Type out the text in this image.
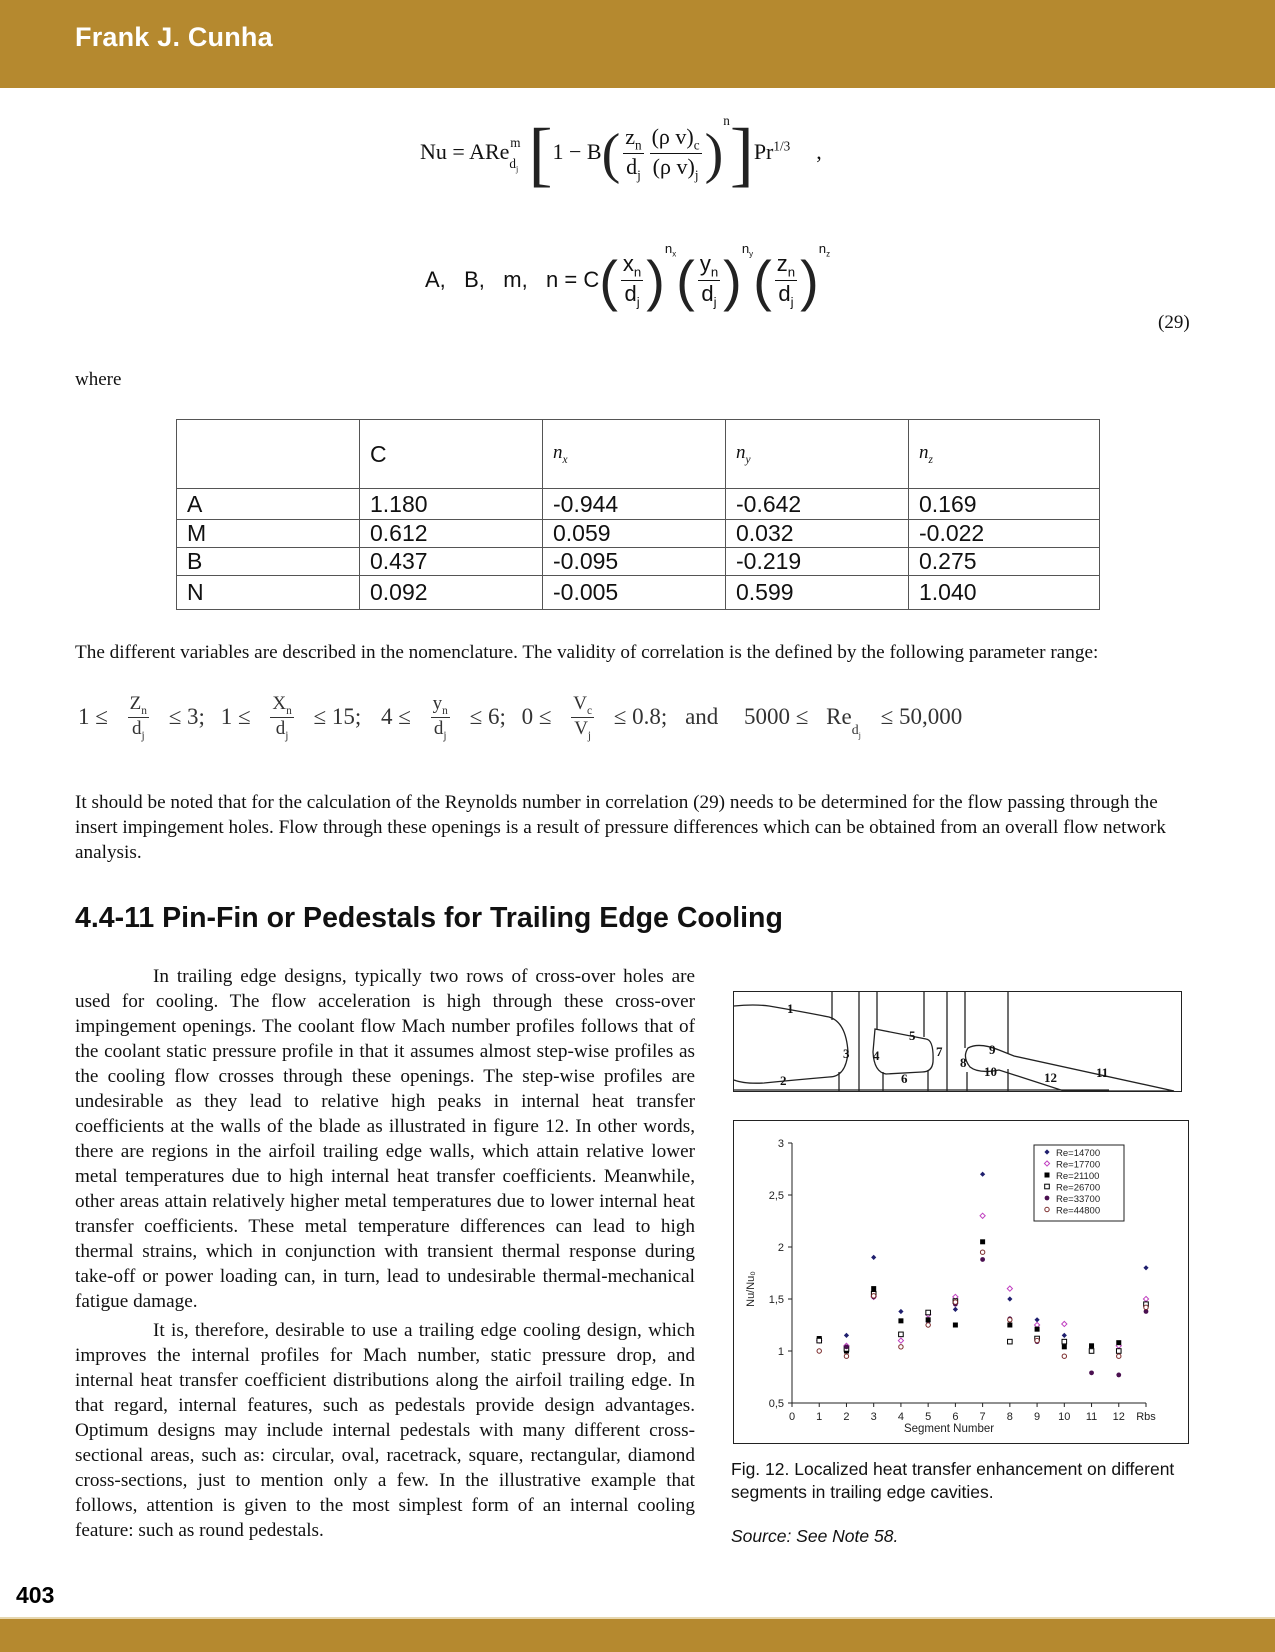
Frank J. Cunha
Nu = ARe$_{d_j}^m$ $[1 - B( \frac{z_n}{d_j} \frac{(\rho v)_c}{(\rho v)_j} )^n]Pr^{1/3}$ ,
A,   B,   m,   $n = C( \frac{x_n}{d_j} )^{n_x}( \frac{y_n}{d_j} )^{n_y}( \frac{z_n}{d_j} )^{n_z}$
(29)
where
	C	$n_x$	$n_y$	$n_z$
A	1.180	-0.944	-0.642	0.169
M	0.612	0.059	0.032	-0.022
B	0.437	-0.095	-0.219	0.275
N	0.092	-0.005	0.599	1.040
The different variables are described in the nomenclature. The validity of correlation is the defined by the following parameter range:
$1 \le \frac{Z_n}{d_j} \le 3$; $1 \le \frac{X_n}{d_j} \le 15$; $4 \le \frac{y_n}{d_j} \le 6$; $0 \le \frac{V_c}{V_j} \le 0.8$; and $5000 \le Re_{d_j} \le 50,000$
It should be noted that for the calculation of the Reynolds number in correlation (29) needs to be determined for the flow passing through the insert impingement holes. Flow through these openings is a result of pressure differences which can be obtained from an overall flow network analysis.
4.4-11 Pin-Fin or Pedestals for Trailing Edge Cooling
In trailing edge designs, typically two rows of cross-over holes are used for cooling. The flow acceleration is high through these cross-over impingement openings. The coolant flow Mach number profiles follows that of the coolant static pressure profile in that it assumes almost step-wise profiles as the cooling flow crosses through these openings. The step-wise profiles are undesirable as they lead to relative high peaks in internal heat transfer coefficients at the walls of the blade as illustrated in figure 12. In other words, there are regions in the airfoil trailing edge walls, which attain relative lower metal temperatures due to high internal heat transfer coefficients. Meanwhile, other areas attain relatively higher metal temperatures due to lower internal heat transfer coefficients. These metal temperature differences can lead to high thermal strains, which in conjunction with transient thermal response during take-off or power loading can, in turn, lead to undesirable thermal-mechanical fatigue damage.
It is, therefore, desirable to use a trailing edge cooling design, which improves the internal profiles for Mach number, static pressure drop, and internal heat transfer coefficient distributions along the airfoil trailing edge. In that regard, internal features, such as pedestals provide design advantages. Optimum designs may include internal pedestals with many different cross-sectional areas, such as: circular, oval, racetrack, square, rectangular, diamond cross-sections, just to mention only a few. In the illustrative example that follows, attention is given to the most simplest form of an internal cooling feature: such as round pedestals.
1
2
3 4
5
6
7
8
9
10	11
12
0,5
1
1,5
2
2,5
3
0 1 2 3 4 5 6 7 8 9 10 11 12 Rbs
Segment Number
Nu/Nu₀
Re=14700
Re=17700
Re=21100
Re=26700
Re=33700
Re=44800
Fig. 12. Localized heat transfer enhancement on different segments in trailing edge cavities.
Source: See Note 58.
403
